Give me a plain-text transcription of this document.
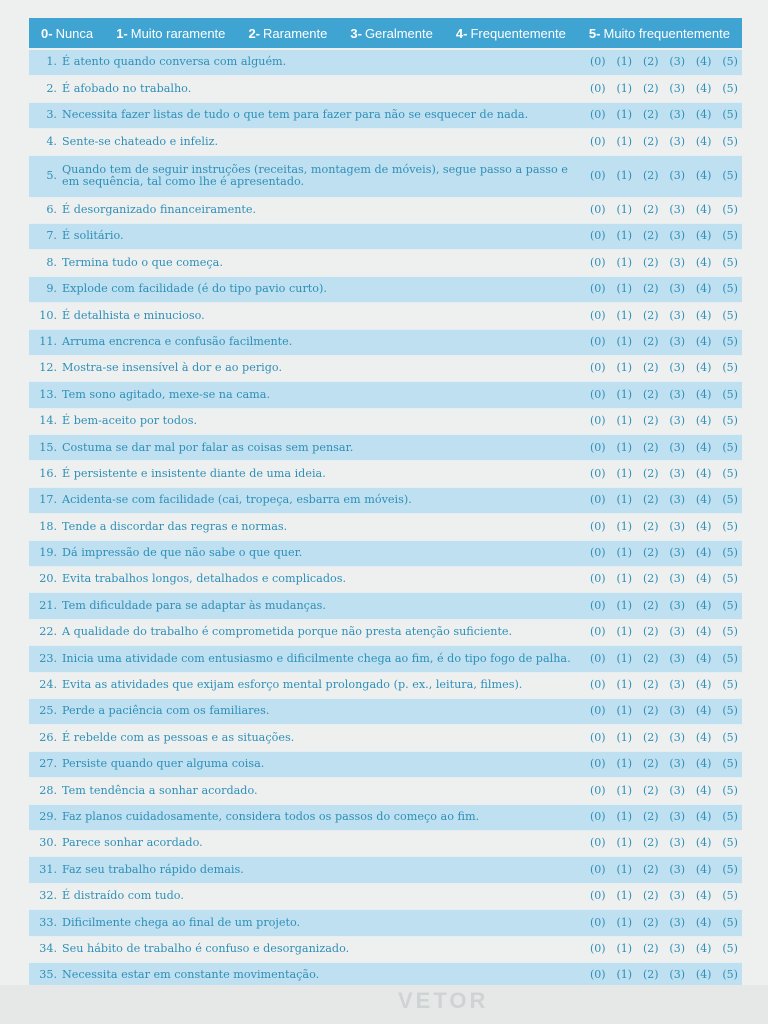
0- Nunca 1- Muito raramente 2- Raramente 3- Geralmente 4- Frequentemente 5- Muito frequentemente
1. É atento quando conversa com alguém.	(0) (1) (2) (3) (4) (5)
2. É afobado no trabalho.	(0) (1) (2) (3) (4) (5)
3. Necessita fazer listas de tudo o que tem para fazer para não se esquecer de nada.	(0) (1) (2) (3) (4) (5)
4. Sente-se chateado e infeliz.	(0) (1) (2) (3) (4) (5)
5. Quando tem de seguir instruções (receitas, montagem de móveis), segue passo a passo e em sequência, tal como lhe é apresentado.	(0) (1) (2) (3) (4) (5)
6. É desorganizado financeiramente.	(0) (1) (2) (3) (4) (5)
7. É solitário.	(0) (1) (2) (3) (4) (5)
8. Termina tudo o que começa.	(0) (1) (2) (3) (4) (5)
9. Explode com facilidade (é do tipo pavio curto).	(0) (1) (2) (3) (4) (5)
10. É detalhista e minucioso.	(0) (1) (2) (3) (4) (5)
11. Arruma encrenca e confusão facilmente.	(0) (1) (2) (3) (4) (5)
12. Mostra-se insensível à dor e ao perigo.	(0) (1) (2) (3) (4) (5)
13. Tem sono agitado, mexe-se na cama.	(0) (1) (2) (3) (4) (5)
14. É bem-aceito por todos.	(0) (1) (2) (3) (4) (5)
15. Costuma se dar mal por falar as coisas sem pensar.	(0) (1) (2) (3) (4) (5)
16. É persistente e insistente diante de uma ideia.	(0) (1) (2) (3) (4) (5)
17. Acidenta-se com facilidade (cai, tropeça, esbarra em móveis).	(0) (1) (2) (3) (4) (5)
18. Tende a discordar das regras e normas.	(0) (1) (2) (3) (4) (5)
19. Dá impressão de que não sabe o que quer.	(0) (1) (2) (3) (4) (5)
20. Evita trabalhos longos, detalhados e complicados.	(0) (1) (2) (3) (4) (5)
21. Tem dificuldade para se adaptar às mudanças.	(0) (1) (2) (3) (4) (5)
22. A qualidade do trabalho é comprometida porque não presta atenção suficiente.	(0) (1) (2) (3) (4) (5)
23. Inicia uma atividade com entusiasmo e dificilmente chega ao fim, é do tipo fogo de palha.	(0) (1) (2) (3) (4) (5)
24. Evita as atividades que exijam esforço mental prolongado (p. ex., leitura, filmes).	(0) (1) (2) (3) (4) (5)
25. Perde a paciência com os familiares.	(0) (1) (2) (3) (4) (5)
26. É rebelde com as pessoas e as situações.	(0) (1) (2) (3) (4) (5)
27. Persiste quando quer alguma coisa.	(0) (1) (2) (3) (4) (5)
28. Tem tendência a sonhar acordado.	(0) (1) (2) (3) (4) (5)
29. Faz planos cuidadosamente, considera todos os passos do começo ao fim.	(0) (1) (2) (3) (4) (5)
30. Parece sonhar acordado.	(0) (1) (2) (3) (4) (5)
31. Faz seu trabalho rápido demais.	(0) (1) (2) (3) (4) (5)
32. É distraído com tudo.	(0) (1) (2) (3) (4) (5)
33. Dificilmente chega ao final de um projeto.	(0) (1) (2) (3) (4) (5)
34. Seu hábito de trabalho é confuso e desorganizado.	(0) (1) (2) (3) (4) (5)
35. Necessita estar em constante movimentação.	(0) (1) (2) (3) (4) (5)
VETOR
